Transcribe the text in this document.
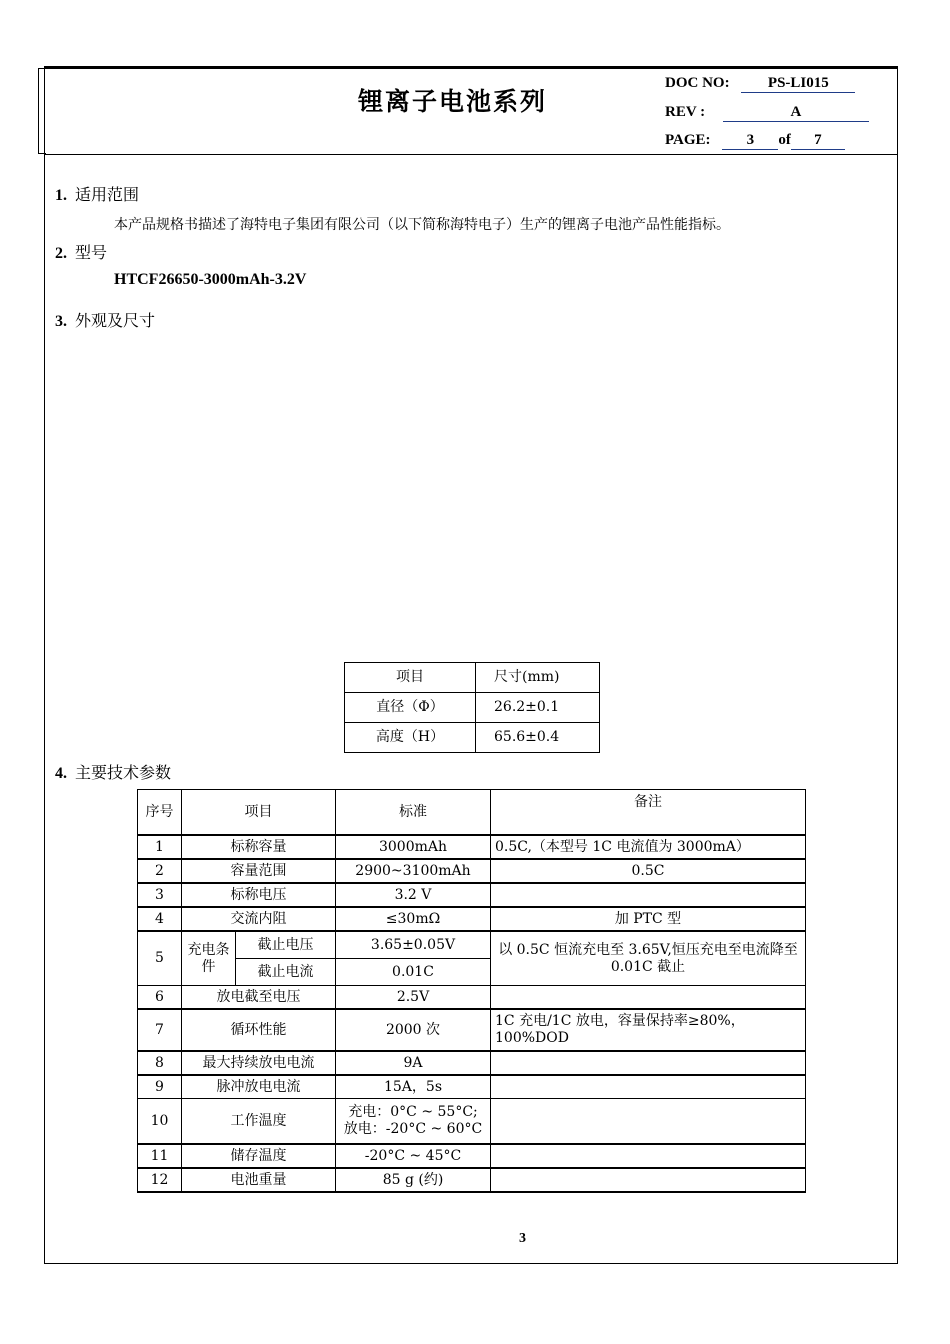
锂离子电池系列
DOC NO:	PS-LI015
REV :	A
PAGE: 3 of 7
1. 适用范围
本产品规格书描述了海特电子集团有限公司（以下简称海特电子）生产的锂离子电池产品性能指标。
2. 型号
HTCF26650-3000mAh-3.2V
3. 外观及尺寸
项目	尺寸(mm)
直径（Φ）	26.2±0.1
高度（H）	65.6±0.4
4. 主要技术参数
序号	项目		标准	备注
1	标称容量		3000mAh	0.5C,（本型号 1C 电流值为 3000mA）
2	容量范围		2900~3100mAh	0.5C
3	标称电压		3.2 V	
4	交流内阻		≤30mΩ	加 PTC 型
5	充电条件	截止电压	3.65±0.05V	以 0.5C 恒流充电至 3.65V,恒压充电至电流降至 0.01C 截止
		截止电流	0.01C	
6	放电截至电压		2.5V	
7	循环性能		2000 次	1C 充电/1C 放电，容量保持率≥80%，100%DOD
8	最大持续放电电流		9A	
9	脉冲放电电流		15A，5s	
10	工作温度		充电：0°C ~ 55°C;
放电：-20°C ~ 60°C	

11	储存温度		-20°C ~ 45°C	
12	电池重量		85 g (约)	
3
